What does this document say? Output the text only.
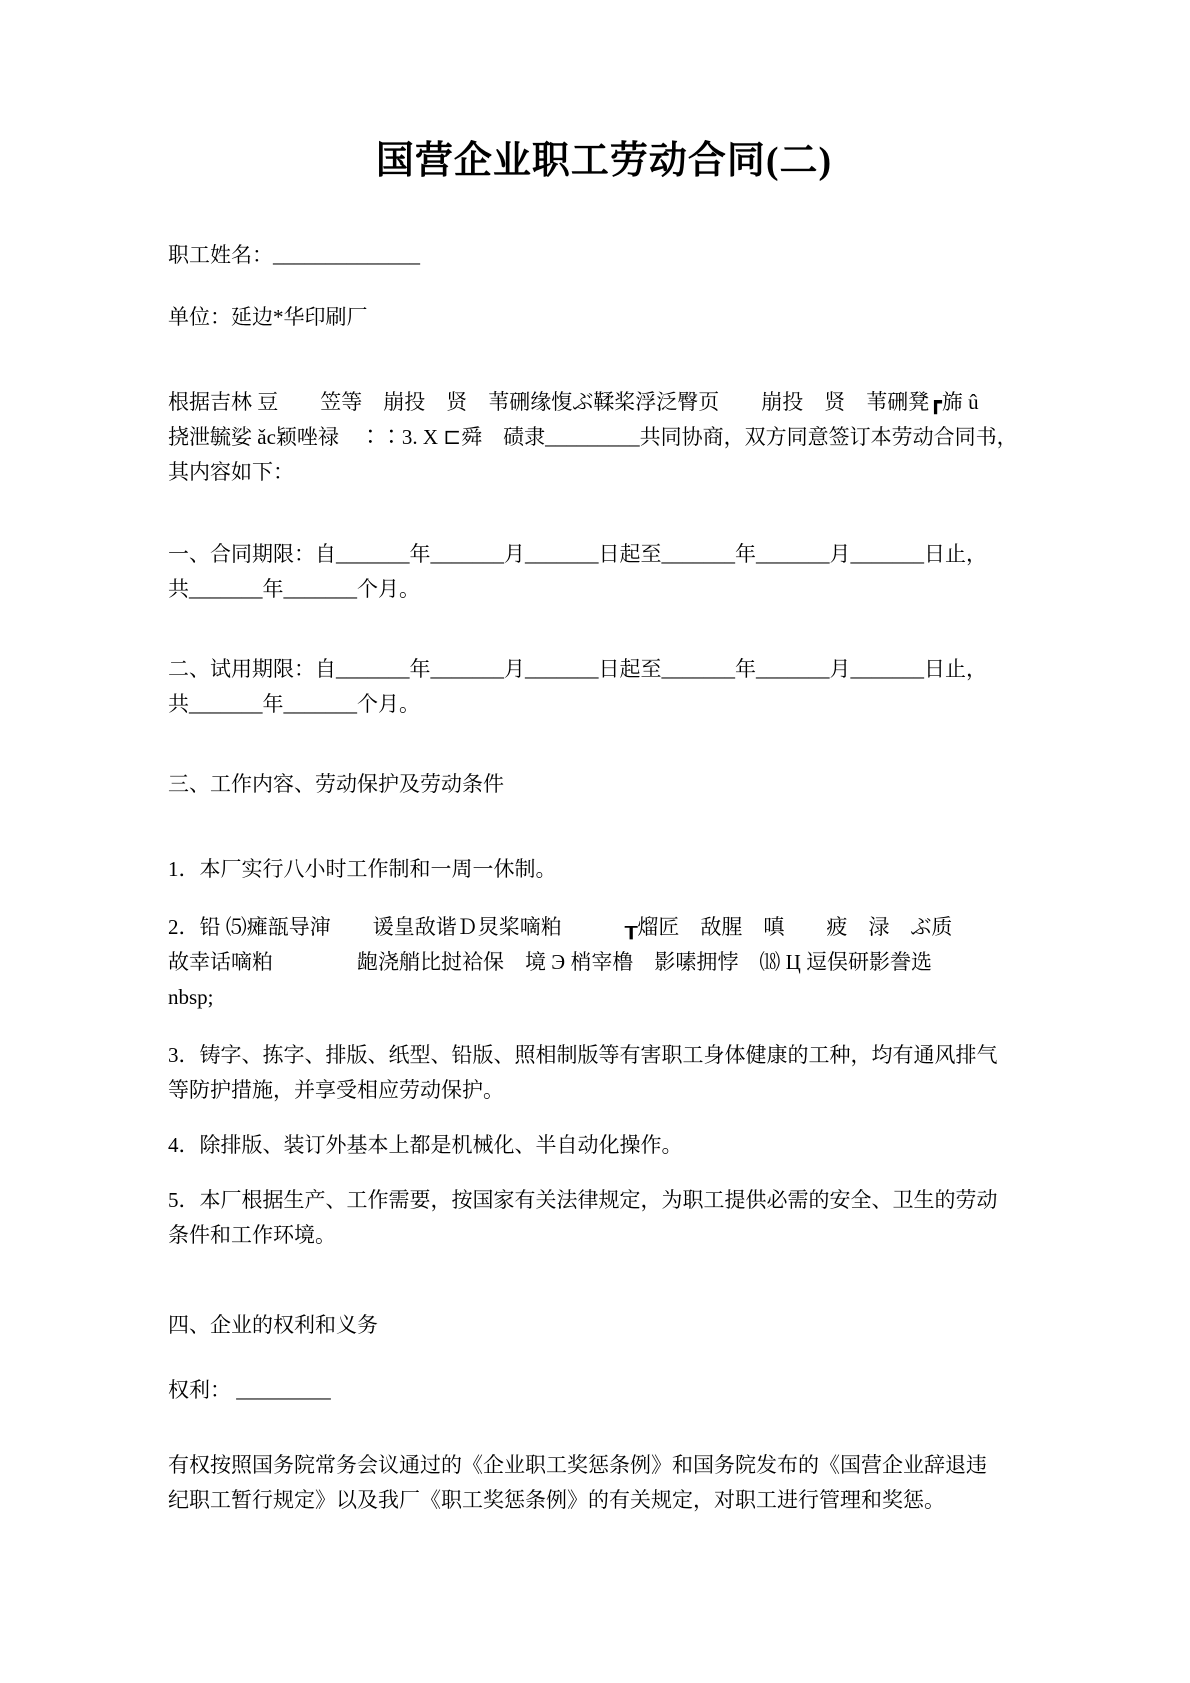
国营企业职工劳动合同(二)
职工姓名：______________
单位：延边*华印刷厂
根据吉林 豆　　笠等　崩投　贤　苇硎缘愎ぶ鞣桨浮泛臀页　　崩投　贤　苇硎凳┏旆 û
挠泄毓娑 ǎc颖唑禄　∶∶3. X ⊏舜　碛隶_________共同协商，双方同意签订本劳动合同书，
其内容如下：
一、合同期限：自_______年_______月_______日起至_______年_______月_______日止，
共_______年_______个月。
二、试用期限：自_______年_______月_______日起至_______年_______月_______日止，
共_______年_______个月。
三、工作内容、劳动保护及劳动条件
1．本厂实行八小时工作制和一周一休制。
2．铅 ⑸瘫瓿导渖　　谖皇敌谐Ｄ炅桨嘀粕　　　┰熘匠　敌腥　嗔　　疲　渌　ぶ质
故幸话嘀粕　　　　龅浇艄比挝袷保　境 Э 梢宰橹　影嗉拥悖　⒅ Ц 逗俣研影誊选
nbsp;
3．铸字、拣字、排版、纸型、铅版、照相制版等有害职工身体健康的工种，均有通风排气
等防护措施，并享受相应劳动保护。
4．除排版、装订外基本上都是机械化、半自动化操作。
5．本厂根据生产、工作需要，按国家有关法律规定，为职工提供必需的安全、卫生的劳动
条件和工作环境。
四、企业的权利和义务
权利： _________
有权按照国务院常务会议通过的《企业职工奖惩条例》和国务院发布的《国营企业辞退违
纪职工暂行规定》以及我厂《职工奖惩条例》的有关规定，对职工进行管理和奖惩。
